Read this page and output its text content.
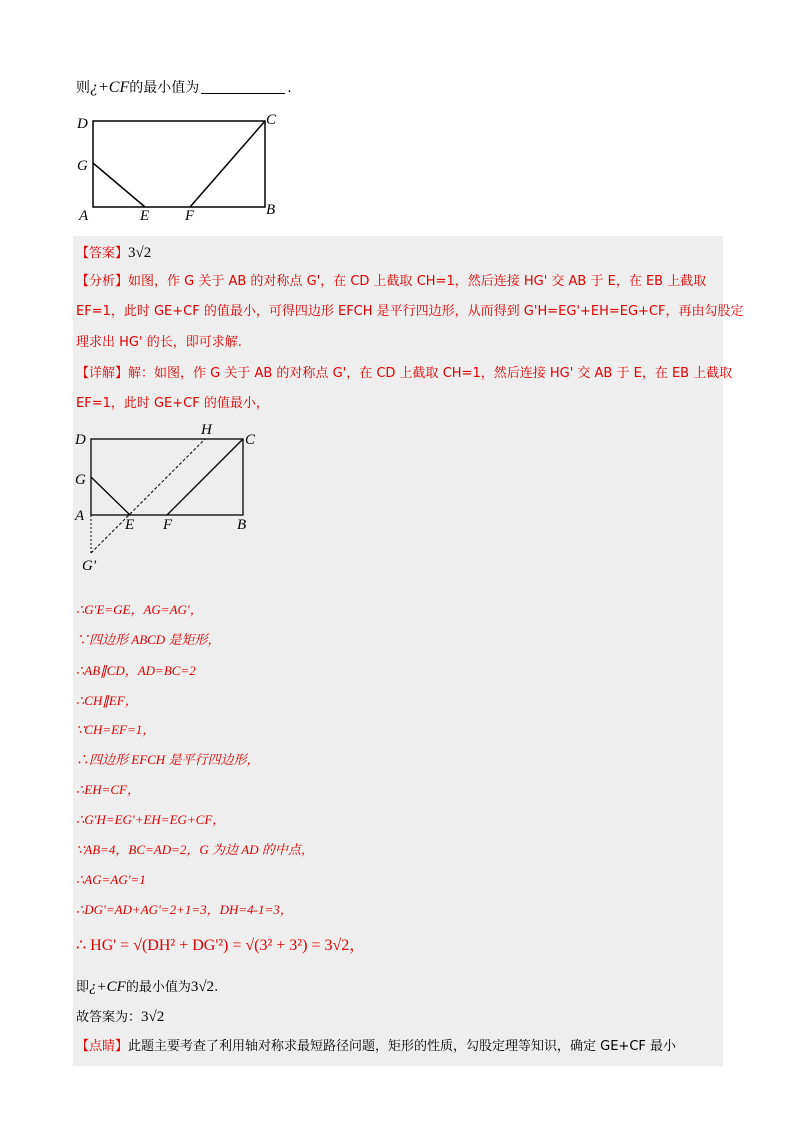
则¿+CF的最小值为	.
D	C
G
A	E F	B
【答案】3√2
【分析】如图，作 G 关于 AB 的对称点 G'，在 CD 上截取 CH=1，然后连接 HG' 交 AB 于 E，在 EB 上截取
EF=1，此时 GE+CF 的值最小，可得四边形 EFCH 是平行四边形，从而得到 G'H=EG'+EH=EG+CF，再由勾股定
理求出 HG' 的长，即可求解.
【详解】解：如图，作 G 关于 AB 的对称点 G'，在 CD 上截取 CH=1，然后连接 HG' 交 AB 于 E，在 EB 上截取
EF=1，此时 GE+CF 的值最小，
D
H
C
G
A
E F	B
G'
∴G'E=GE，AG=AG'，
∵四边形 ABCD 是矩形，
∴AB∥CD，AD=BC=2
∴CH∥EF，
∵CH=EF=1，
∴四边形 EFCH 是平行四边形，
∴EH=CF，
∴G'H=EG'+EH=EG+CF，
∵AB=4，BC=AD=2，G 为边 AD 的中点，
∴AG=AG'=1
∴DG'=AD+AG'=2+1=3，DH=4-1=3，
∴ HG' = √(DH² + DG'²) = √(3² + 3²) = 3√2，
即¿+CF的最小值为3√2.
故答案为：3√2
【点睛】此题主要考查了利用轴对称求最短路径问题，矩形的性质，勾股定理等知识，确定 GE+CF 最小
